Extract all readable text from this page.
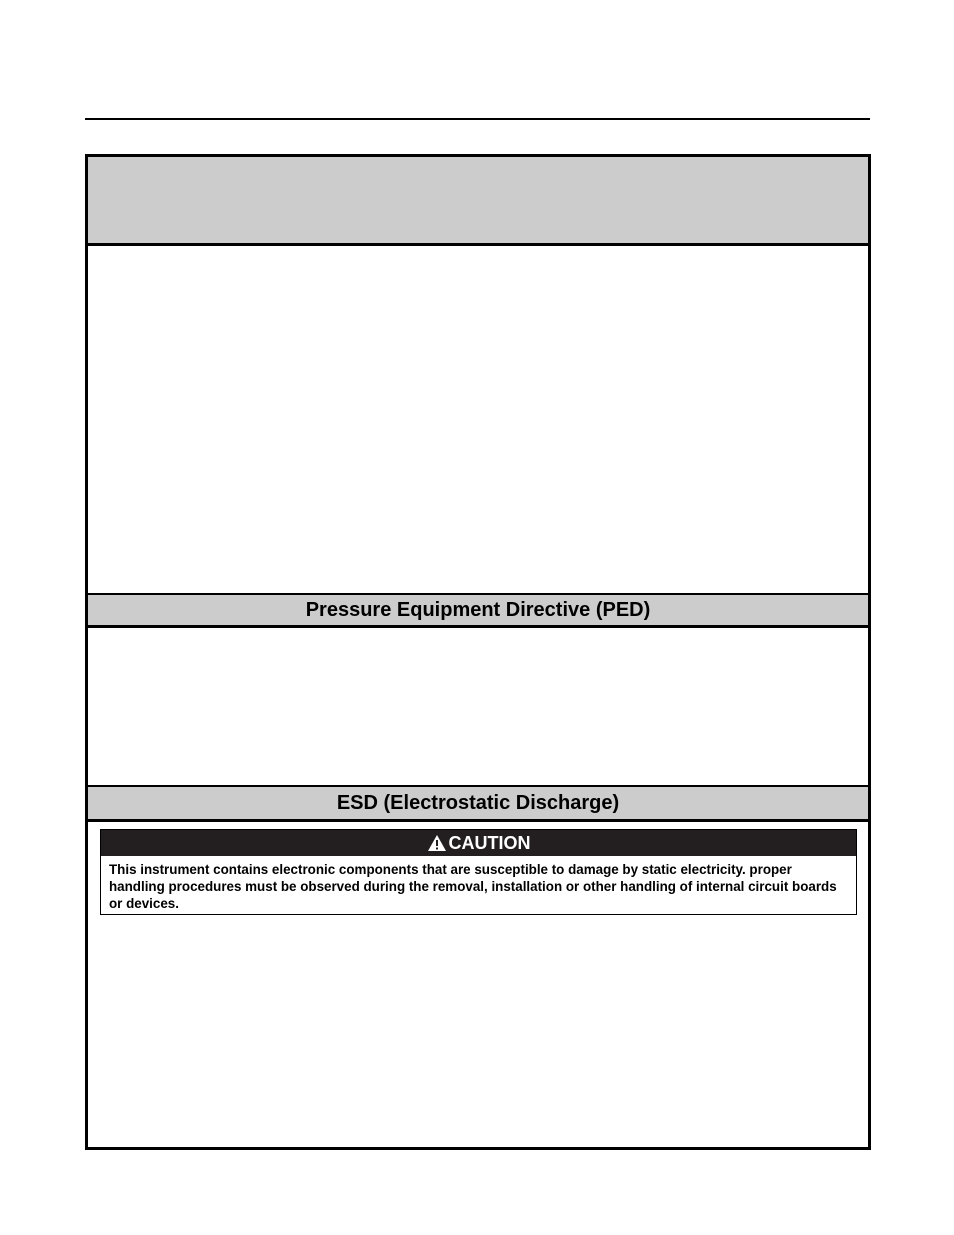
Pressure Equipment Directive (PED)
ESD (Electrostatic Discharge)
CAUTION
This instrument contains electronic components that are susceptible to damage by static electricity. proper handling procedures must be observed during the removal, installation or other handling of internal circuit boards or devices.
